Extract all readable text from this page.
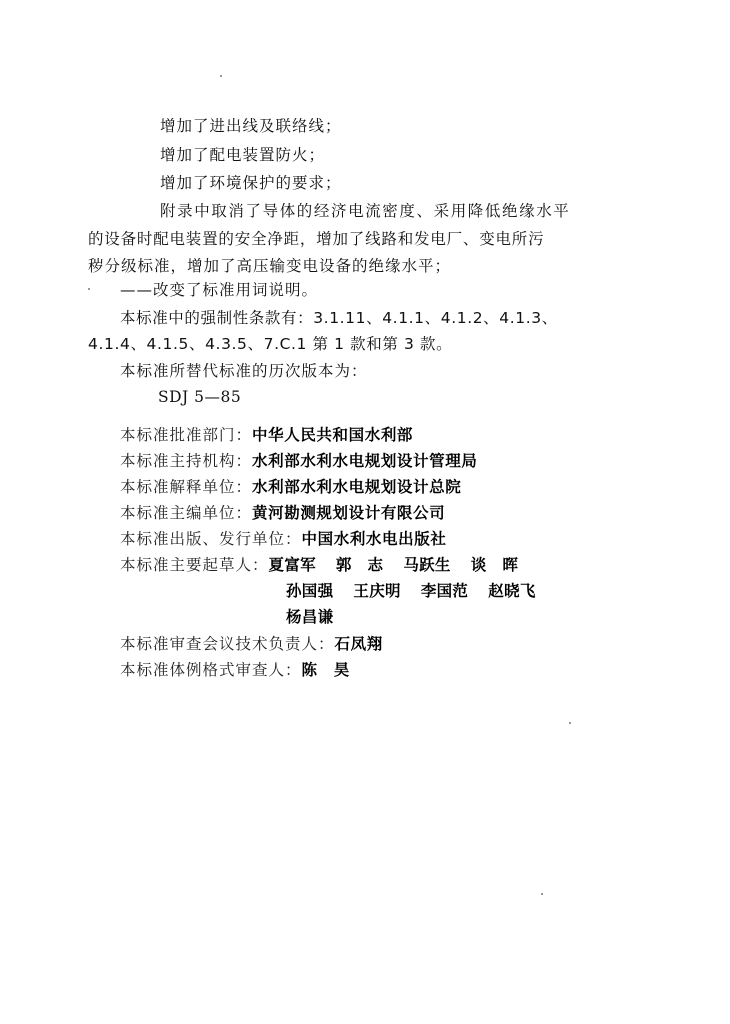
增加了进出线及联络线；
增加了配电装置防火；
增加了环境保护的要求；
附录中取消了导体的经济电流密度、采用降低绝缘水平
的设备时配电装置的安全净距，增加了线路和发电厂、变电所污
秽分级标准，增加了高压输变电设备的绝缘水平；
——改变了标准用词说明。
本标准中的强制性条款有：3.1.11、4.1.1、4.1.2、4.1.3、
4.1.4、4.1.5、4.3.5、7.C.1 第 1 款和第 3 款。
本标准所替代标准的历次版本为：
SDJ 5—85
本标准批准部门：中华人民共和国水利部
本标准主持机构：水利部水利水电规划设计管理局
本标准解释单位：水利部水利水电规划设计总院
本标准主编单位：黄河勘测规划设计有限公司
本标准出版、发行单位：中国水利水电出版社
本标准主要起草人：夏富军 郭　志 马跃生 谈　晖
孙国强 王庆明 李国范 赵晓飞
杨昌谦
本标准审查会议技术负责人：石凤翔
本标准体例格式审查人：陈　昊
